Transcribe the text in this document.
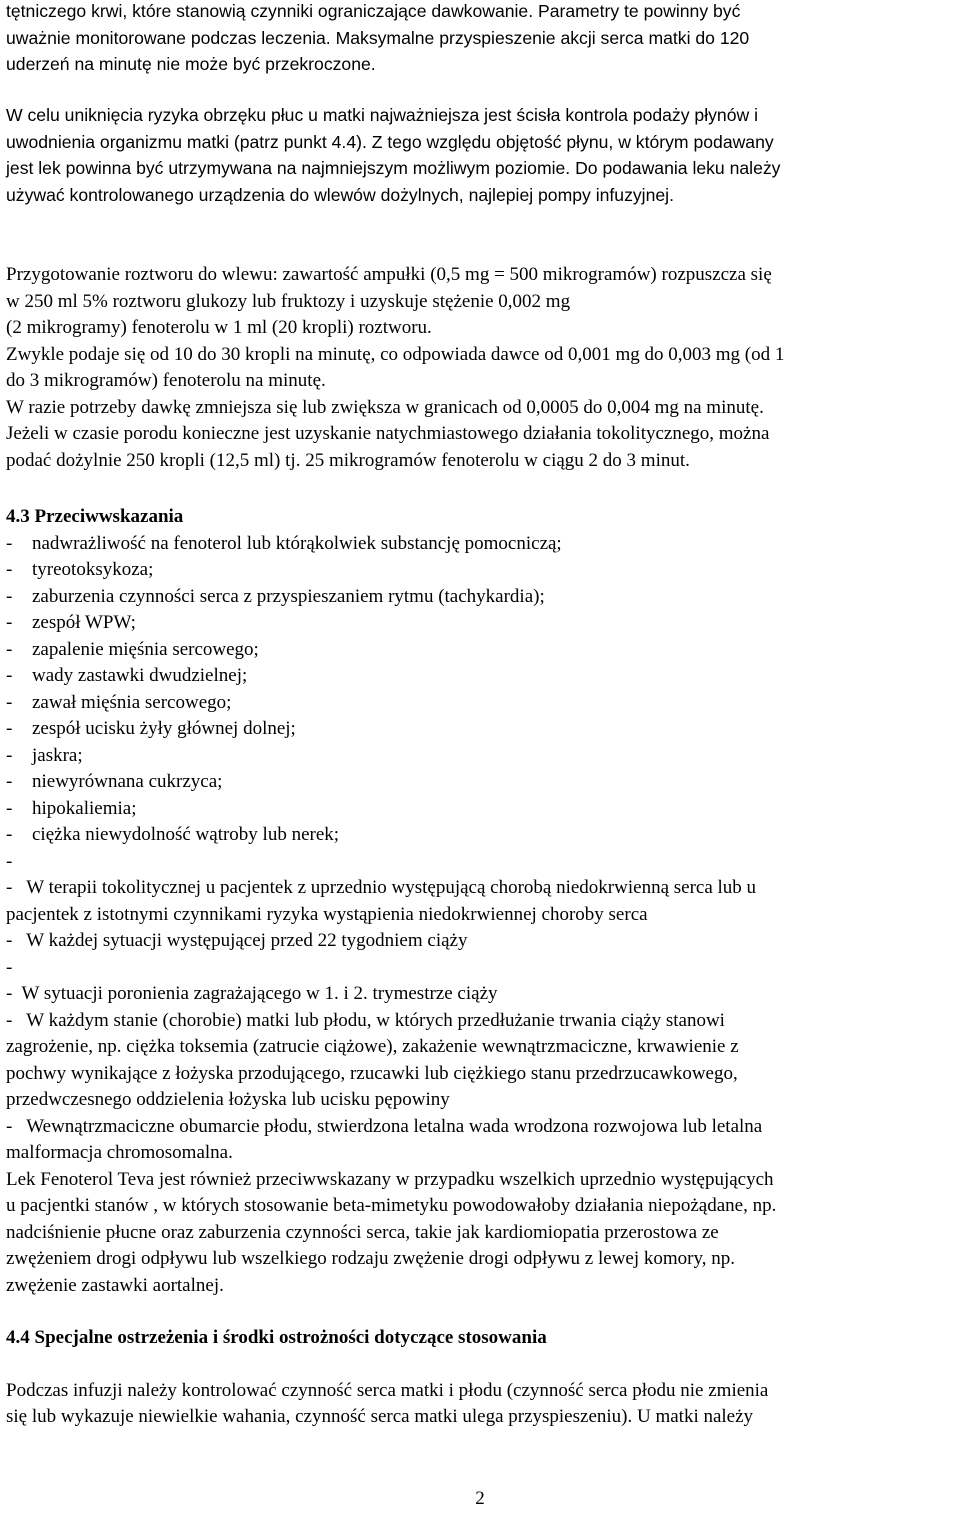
tętniczego krwi, które stanowią czynniki ograniczające dawkowanie. Parametry te powinny być
uważnie monitorowane podczas leczenia. Maksymalne przyspieszenie akcji serca matki do 120
uderzeń na minutę nie może być przekroczone.
W celu uniknięcia ryzyka obrzęku płuc u matki najważniejsza jest ścisła kontrola podaży płynów i
uwodnienia organizmu matki (patrz punkt 4.4). Z tego względu objętość płynu, w którym podawany
jest lek powinna być utrzymywana na najmniejszym możliwym poziomie. Do podawania leku należy
używać kontrolowanego urządzenia do wlewów dożylnych, najlepiej pompy infuzyjnej.
Przygotowanie roztworu do wlewu: zawartość ampułki (0,5 mg = 500 mikrogramów) rozpuszcza się
w 250 ml 5% roztworu glukozy lub fruktozy i uzyskuje stężenie 0,002 mg
(2 mikrogramy) fenoterolu w 1 ml (20 kropli) roztworu.
Zwykle podaje się od 10 do 30 kropli na minutę, co odpowiada dawce od 0,001 mg do 0,003 mg (od 1
do 3 mikrogramów) fenoterolu na minutę.
W razie potrzeby dawkę zmniejsza się lub zwiększa w granicach od 0,0005 do 0,004 mg na minutę.
Jeżeli w czasie porodu konieczne jest uzyskanie natychmiastowego działania tokolitycznego, można
podać dożylnie 250 kropli (12,5 ml) tj. 25 mikrogramów fenoterolu w ciągu 2 do 3 minut.
4.3 Przeciwwskazania
-	nadwrażliwość na fenoterol lub którąkolwiek substancję pomocniczą;
-	tyreotoksykoza;
-	zaburzenia czynności serca z przyspieszaniem rytmu (tachykardia);
-	zespół WPW;
-	zapalenie mięśnia sercowego;
-	wady zastawki dwudzielnej;
-	zawał mięśnia sercowego;
-	zespół ucisku żyły głównej dolnej;
-	jaskra;
-	niewyrównana cukrzyca;
-	hipokaliemia;
-	ciężka niewydolność wątroby lub nerek;
-
-   W terapii tokolitycznej u pacjentek z uprzednio występującą chorobą niedokrwienną serca lub u
pacjentek z istotnymi czynnikami ryzyka wystąpienia niedokrwiennej choroby serca
-   W każdej sytuacji występującej przed 22 tygodniem ciąży
-
-  W sytuacji poronienia zagrażającego w 1. i 2. trymestrze ciąży
-   W każdym stanie (chorobie) matki lub płodu, w których przedłużanie trwania ciąży stanowi
zagrożenie, np. ciężka toksemia (zatrucie ciążowe), zakażenie wewnątrzmaciczne, krwawienie z
pochwy wynikające z łożyska przodującego, rzucawki lub ciężkiego stanu przedrzucawkowego,
przedwczesnego oddzielenia łożyska lub ucisku pępowiny
-   Wewnątrzmaciczne obumarcie płodu, stwierdzona letalna wada wrodzona rozwojowa lub letalna
malformacja chromosomalna.
Lek Fenoterol Teva jest również przeciwwskazany w przypadku wszelkich uprzednio występujących
u pacjentki stanów , w których stosowanie beta-mimetyku powodowałoby działania niepożądane, np.
nadciśnienie płucne oraz zaburzenia czynności serca, takie jak kardiomiopatia przerostowa ze
zwężeniem drogi odpływu lub wszelkiego rodzaju zwężenie drogi odpływu z lewej komory, np.
zwężenie zastawki aortalnej.
4.4 Specjalne ostrzeżenia i środki ostrożności dotyczące stosowania
Podczas infuzji należy kontrolować czynność serca matki i płodu (czynność serca płodu nie zmienia
się lub wykazuje niewielkie wahania, czynność serca matki ulega przyspieszeniu). U matki należy
2
